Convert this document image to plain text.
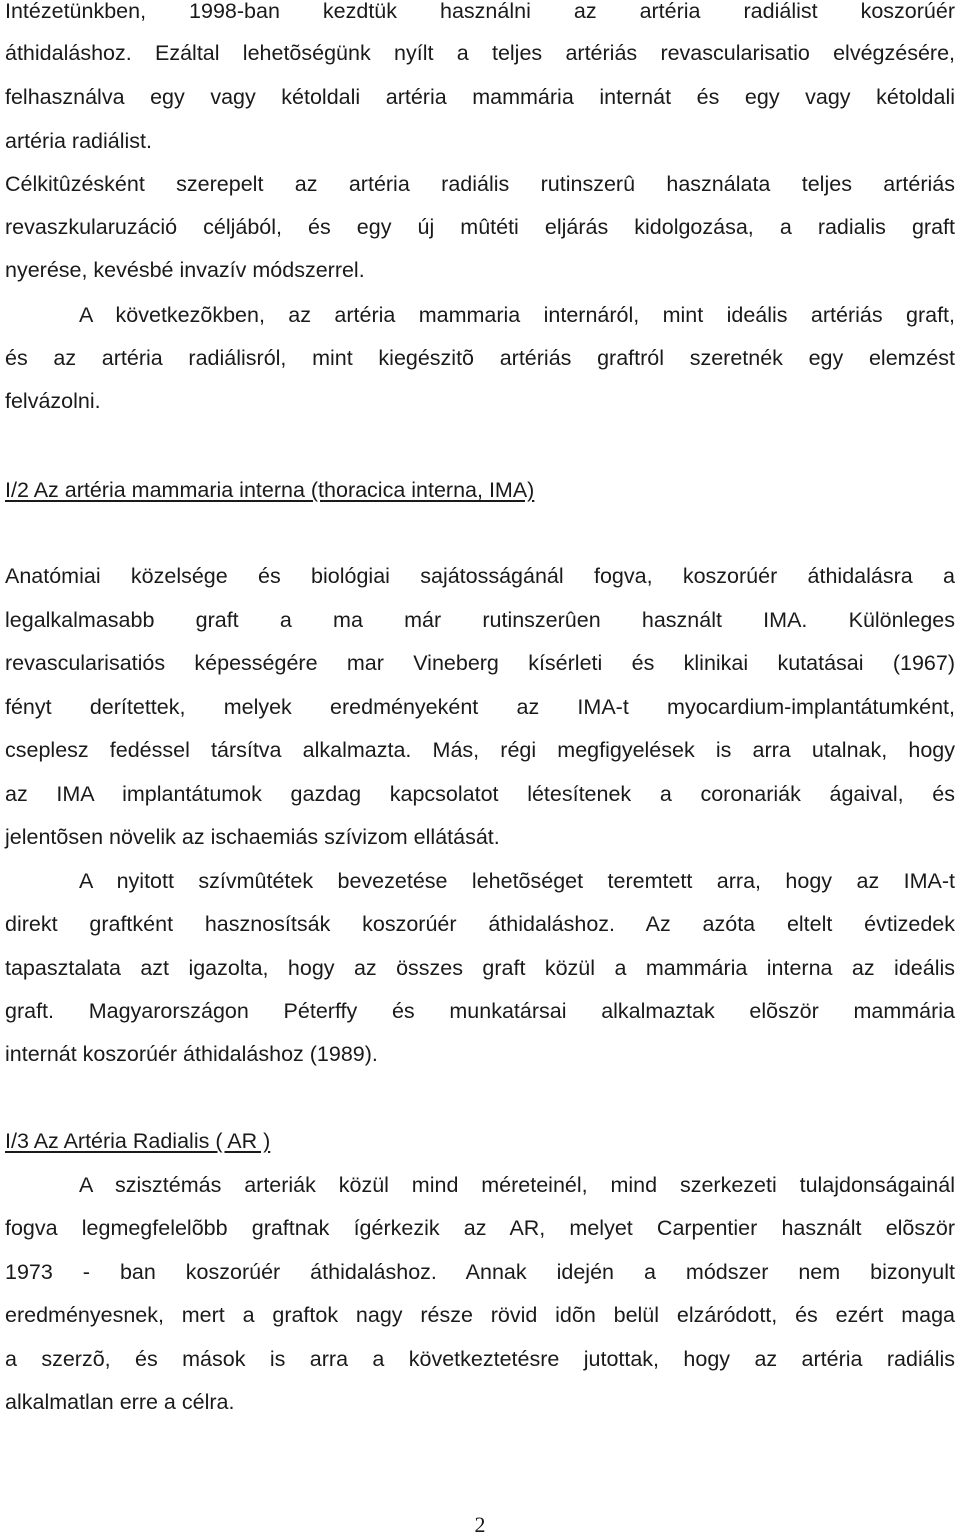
Intézetünkben, 1998-ban kezdtük használni az artéria radiálist koszorúér
áthidaláshoz. Ezáltal lehetõségünk nyílt a teljes artériás revascularisatio elvégzésére,
felhasználva egy vagy kétoldali artéria mammária internát és egy vagy kétoldali
artéria radiálist.
Célkitûzésként szerepelt az artéria radiális rutinszerû használata teljes artériás
revaszkularuzáció céljából, és egy új mûtéti eljárás kidolgozása, a radialis graft
nyerése, kevésbé invazív módszerrel.
A következõkben, az artéria mammaria internáról, mint ideális artériás graft,
és az artéria radiálisról, mint kiegészitõ artériás graftról szeretnék egy elemzést
felvázolni.
I/2 Az artéria mammaria interna (thoracica interna, IMA)
Anatómiai közelsége és biológiai sajátosságánál fogva, koszorúér áthidalásra a
legalkalmasabb graft a ma már rutinszerûen használt IMA. Különleges
revascularisatiós képességére mar Vineberg kísérleti és klinikai kutatásai (1967)
fényt derítettek, melyek eredményeként az IMA-t myocardium-implantátumként,
cseplesz fedéssel társítva alkalmazta. Más, régi megfigyelések is arra utalnak, hogy
az IMA implantátumok gazdag kapcsolatot létesítenek a coronariák ágaival, és
jelentõsen növelik az ischaemiás szívizom ellátását.
A nyitott szívmûtétek bevezetése lehetõséget teremtett arra, hogy az IMA-t
direkt graftként hasznosítsák koszorúér áthidaláshoz. Az azóta eltelt évtizedek
tapasztalata azt igazolta, hogy az összes graft közül a mammária interna az ideális
graft. Magyarországon Péterffy és munkatársai alkalmaztak elõször mammária
internát koszorúér áthidaláshoz (1989).
I/3 Az Artéria Radialis ( AR )
A szisztémás arteriák közül mind méreteinél, mind szerkezeti tulajdonságainál
fogva legmegfelelõbb graftnak ígérkezik az AR, melyet Carpentier használt elõször
1973 - ban koszorúér áthidaláshoz. Annak idején a módszer nem bizonyult
eredményesnek, mert a graftok nagy része rövid idõn belül elzáródott, és ezért maga
a szerzõ, és mások is arra a következtetésre jutottak, hogy az artéria radiális
alkalmatlan erre a célra.
2
